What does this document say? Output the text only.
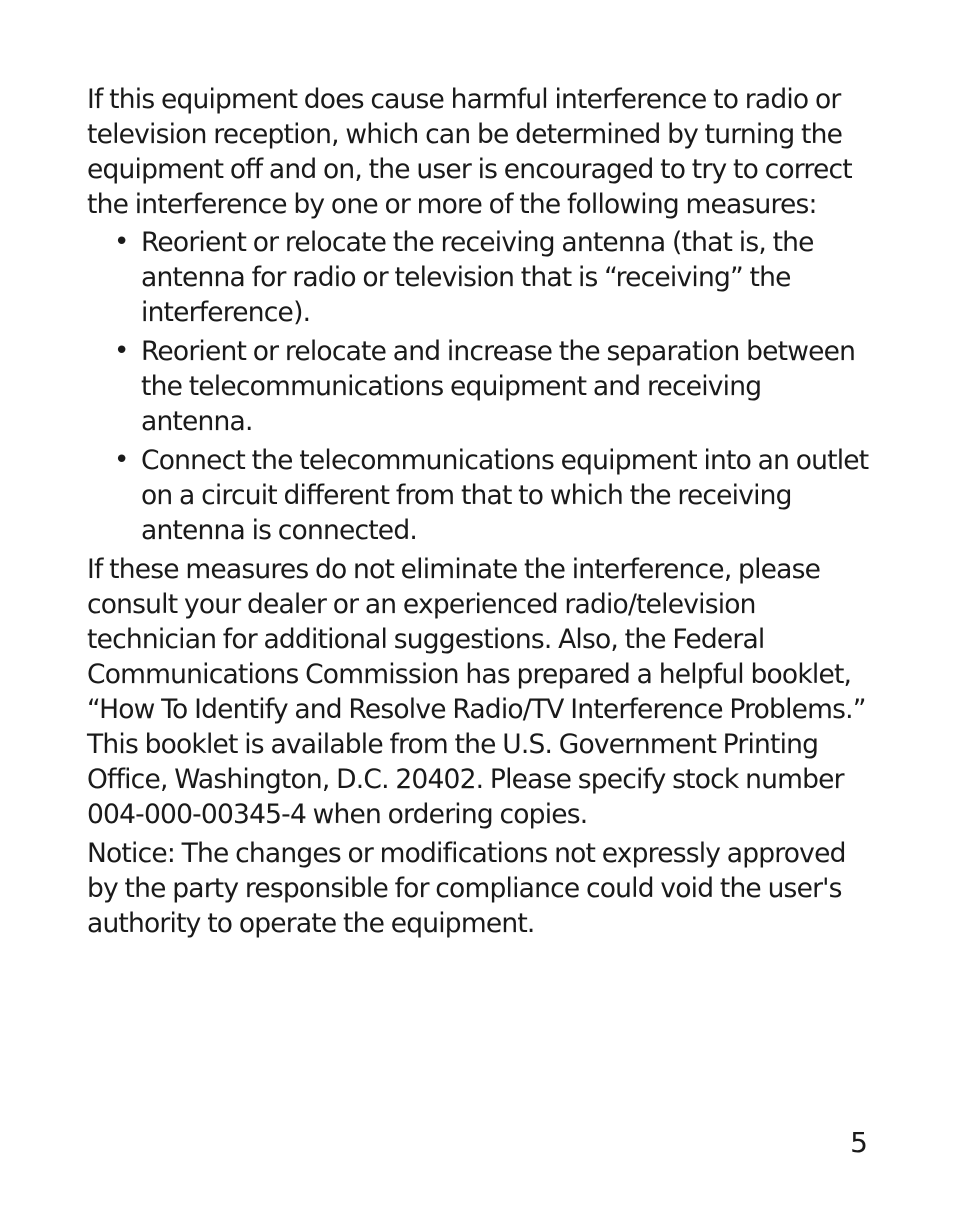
If this equipment does cause harmful interference to radio or television reception, which can be determined by turning the equipment off and on, the user is encouraged to try to correct the interference by one or more of the following measures:

• Reorient or relocate the receiving antenna (that is, the antenna for radio or television that is “receiving” the interference).
• Reorient or relocate and increase the separation between the telecommunications equipment and receiving antenna.
• Connect the telecommunications equipment into an outlet on a circuit different from that to which the receiving antenna is connected.

If these measures do not eliminate the interference, please consult your dealer or an experienced radio/television technician for additional suggestions. Also, the Federal Communications Commission has prepared a helpful booklet, “How To Identify and Resolve Radio/TV Interference Problems.” This booklet is available from the U.S. Government Printing Office, Washington, D.C. 20402. Please specify stock number 004-000-00345-4 when ordering copies.

Notice: The changes or modifications not expressly approved by the party responsible for compliance could void the user's authority to operate the equipment.

5
